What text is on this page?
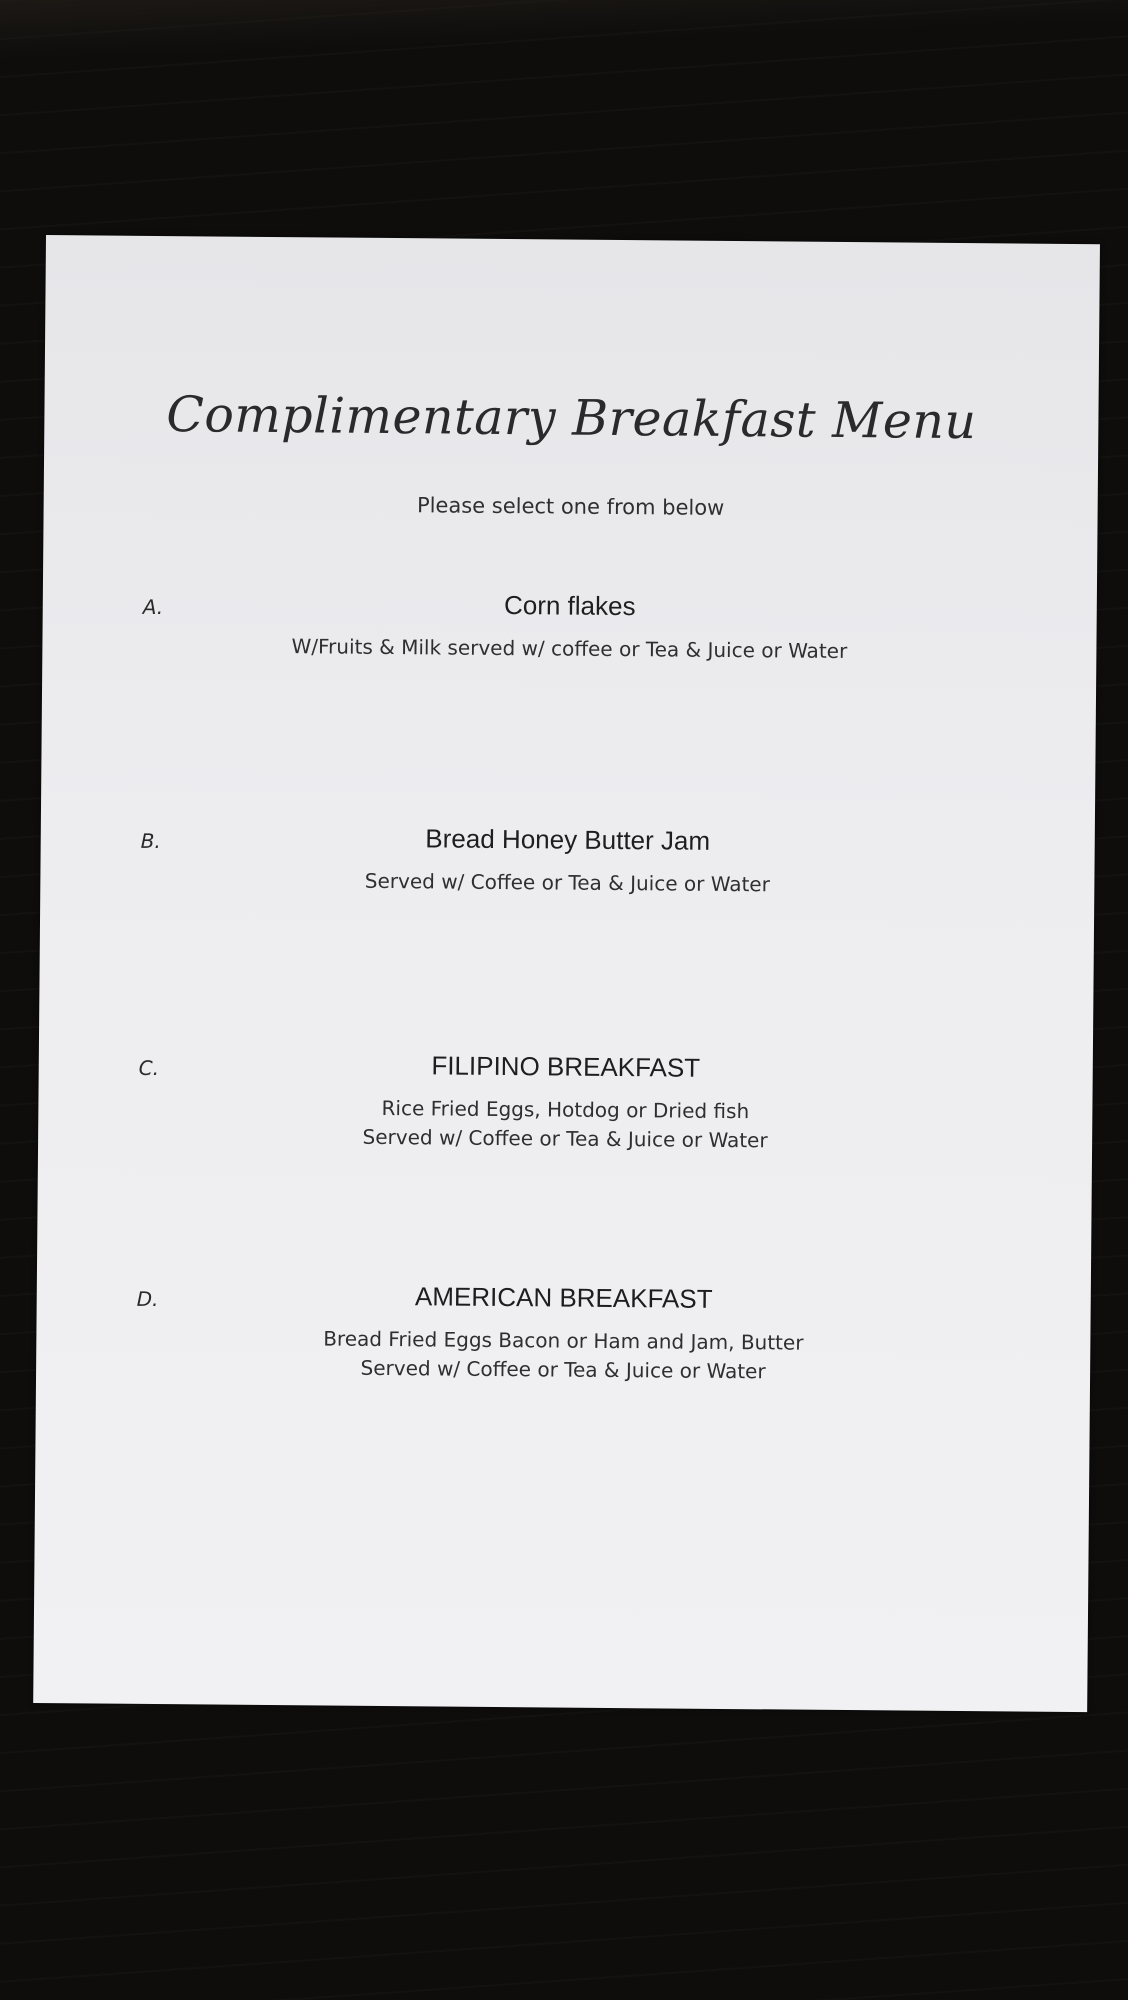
Complimentary Breakfast Menu
Please select one from below
A.	Corn flakes
W/Fruits & Milk served w/ coffee or Tea & Juice or Water
B.	Bread Honey Butter Jam
Served w/ Coffee or Tea & Juice or Water
C.	FILIPINO BREAKFAST
Rice Fried Eggs, Hotdog or Dried fish
Served w/ Coffee or Tea & Juice or Water
D.	AMERICAN BREAKFAST
Bread Fried Eggs Bacon or Ham and Jam, Butter
Served w/ Coffee or Tea & Juice or Water
